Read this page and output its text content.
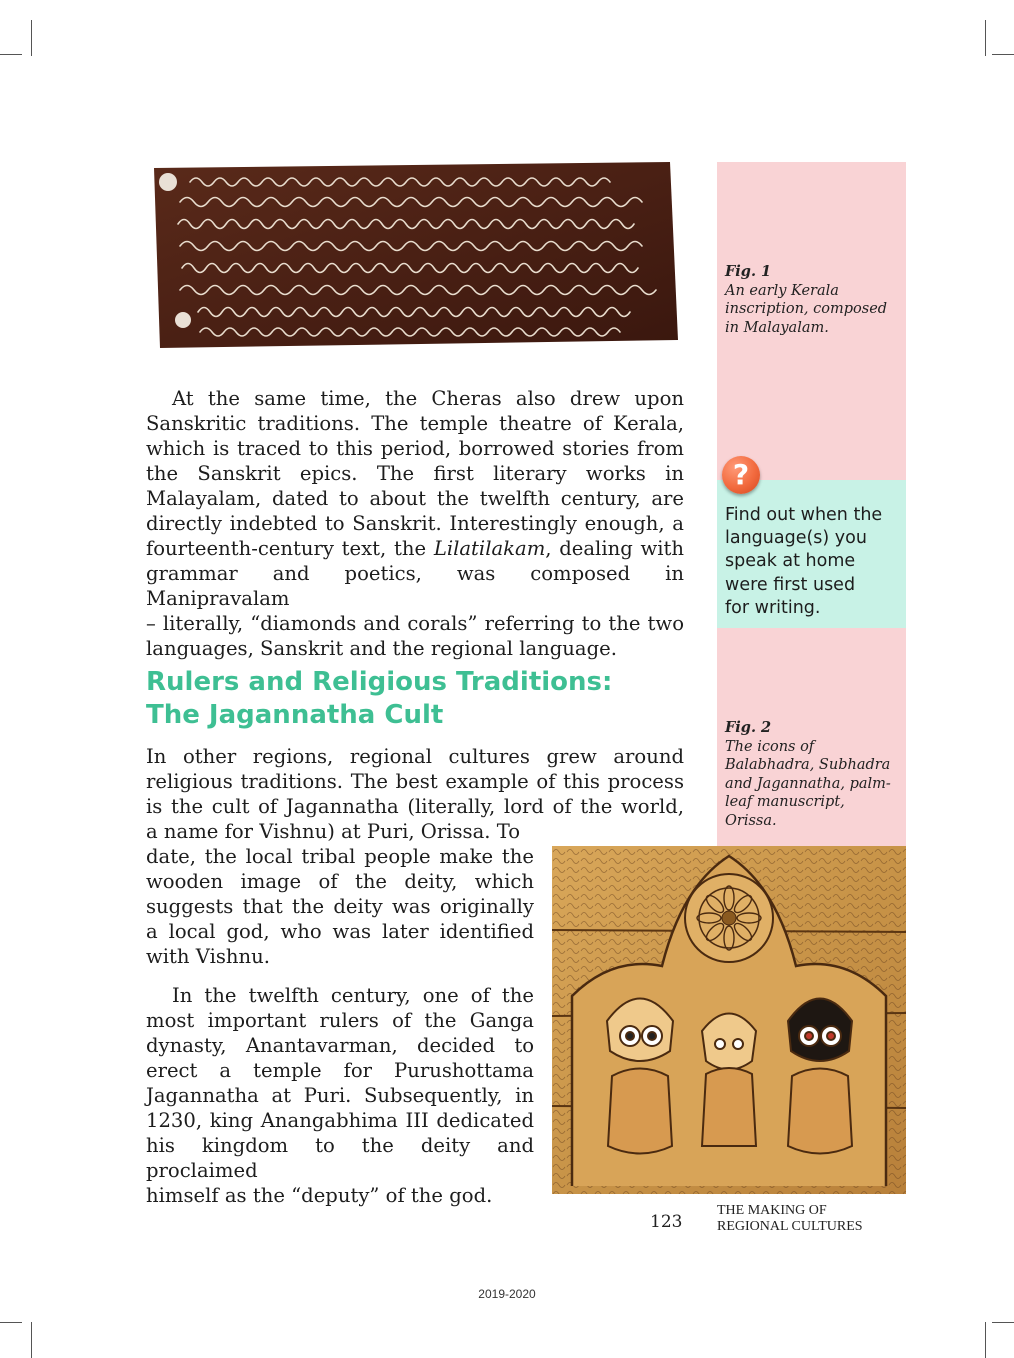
?
Find out when the
language(s) you
speak at home
were first used
for writing.
Fig. 1
An early Kerala
inscription, composed
in Malayalam.
Fig. 2
The icons of
Balabhadra, Subhadra
and Jagannatha, palm-
leaf manuscript,
Orissa.
At the same time, the Cheras also drew upon
Sanskritic traditions. The temple theatre of Kerala,
which is traced to this period, borrowed stories from
the Sanskrit epics. The first literary works in
Malayalam, dated to about the twelfth century, are
directly indebted to Sanskrit. Interestingly enough, a
fourteenth-century text, the Lilatilakam, dealing with
grammar and poetics, was composed in Manipravalam
– literally, “diamonds and corals” referring to the two
languages, Sanskrit and the regional language.
Rulers and Religious Traditions:
The Jagannatha Cult
In other regions, regional cultures grew around
religious traditions. The best example of this process
is the cult of Jagannatha (literally, lord of the world,
a name for Vishnu) at Puri, Orissa. To
date, the local tribal people make the
wooden image of the deity, which
suggests that the deity was originally
a local god, who was later identified
with Vishnu.
In the twelfth century, one of the
most important rulers of the Ganga
dynasty, Anantavarman, decided to
erect a temple for Purushottama
Jagannatha at Puri. Subsequently, in
1230, king Anangabhima III dedicated
his kingdom to the deity and proclaimed
himself as the “deputy” of the god.
123
THE MAKING OF
REGIONAL CULTURES
2019-2020
